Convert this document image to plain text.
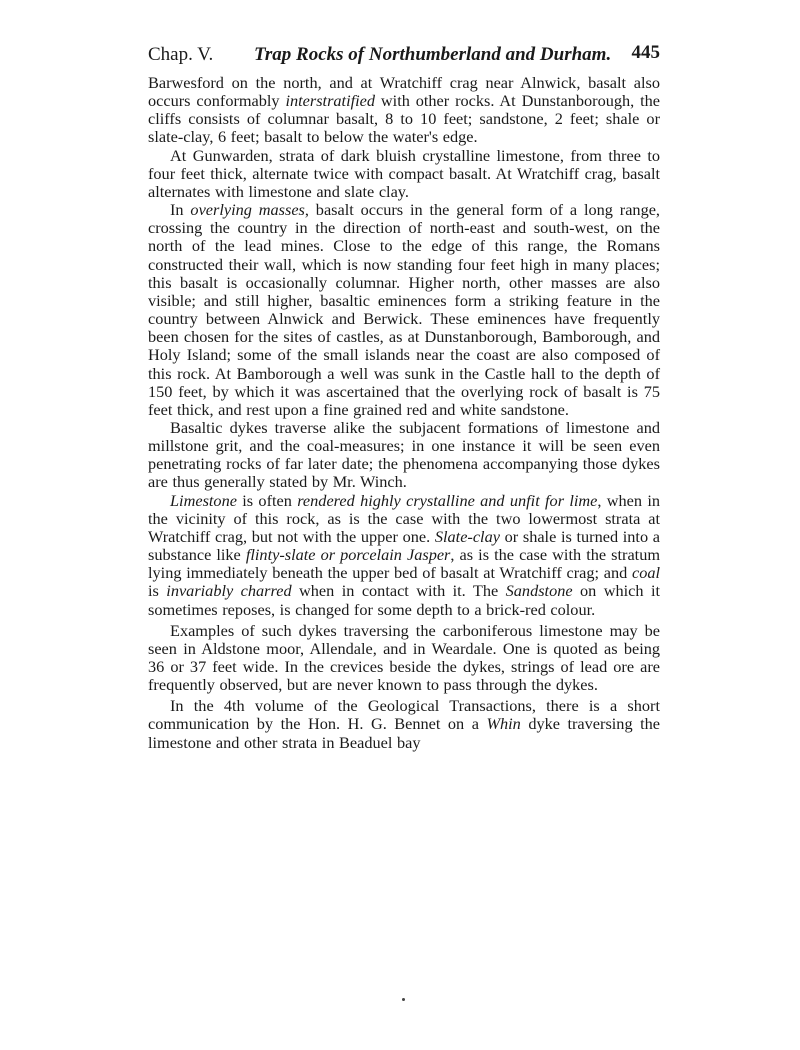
Chap. V. Trap Rocks of Northumberland and Durham. 445

Barwesford on the north, and at Wratchiff crag near Alnwick, basalt also occurs conformably interstratified with other rocks. At Dunstanborough, the cliffs consists of columnar basalt, 8 to 10 feet; sandstone, 2 feet; shale or slate-clay, 6 feet; basalt to below the water's edge.

At Gunwarden, strata of dark bluish crystalline limestone, from three to four feet thick, alternate twice with compact basalt. At Wratchiff crag, basalt alternates with limestone and slate clay.

In overlying masses, basalt occurs in the general form of a long range, crossing the country in the direction of north-east and south-west, on the north of the lead mines. Close to the edge of this range, the Romans constructed their wall, which is now standing four feet high in many places; this basalt is occasionally columnar. Higher north, other masses are also visible; and still higher, basaltic eminences form a striking feature in the country between Alnwick and Berwick. These eminences have frequently been chosen for the sites of castles, as at Dunstanborough, Bamborough, and Holy Island; some of the small islands near the coast are also composed of this rock. At Bamborough a well was sunk in the Castle hall to the depth of 150 feet, by which it was ascertained that the overlying rock of basalt is 75 feet thick, and rest upon a fine grained red and white sandstone.

Basaltic dykes traverse alike the subjacent formations of limestone and millstone grit, and the coal-measures; in one instance it will be seen even penetrating rocks of far later date; the phenomena accompanying those dykes are thus generally stated by Mr. Winch.

Limestone is often rendered highly crystalline and unfit for lime, when in the vicinity of this rock, as is the case with the two lowermost strata at Wratchiff crag, but not with the upper one. Slate-clay or shale is turned into a substance like flinty-slate or porcelain Jasper, as is the case with the stratum lying immediately beneath the upper bed of basalt at Wratchiff crag; and coal is invariably charred when in contact with it. The Sandstone on which it sometimes reposes, is changed for some depth to a brick-red colour.

Examples of such dykes traversing the carboniferous limestone may be seen in Aldstone moor, Allendale, and in Weardale. One is quoted as being 36 or 37 feet wide. In the crevices beside the dykes, strings of lead ore are frequently observed, but are never known to pass through the dykes.

In the 4th volume of the Geological Transactions, there is a short communication by the Hon. H. G. Bennet on a Whin dyke traversing the limestone and other strata in Beaduel bay
